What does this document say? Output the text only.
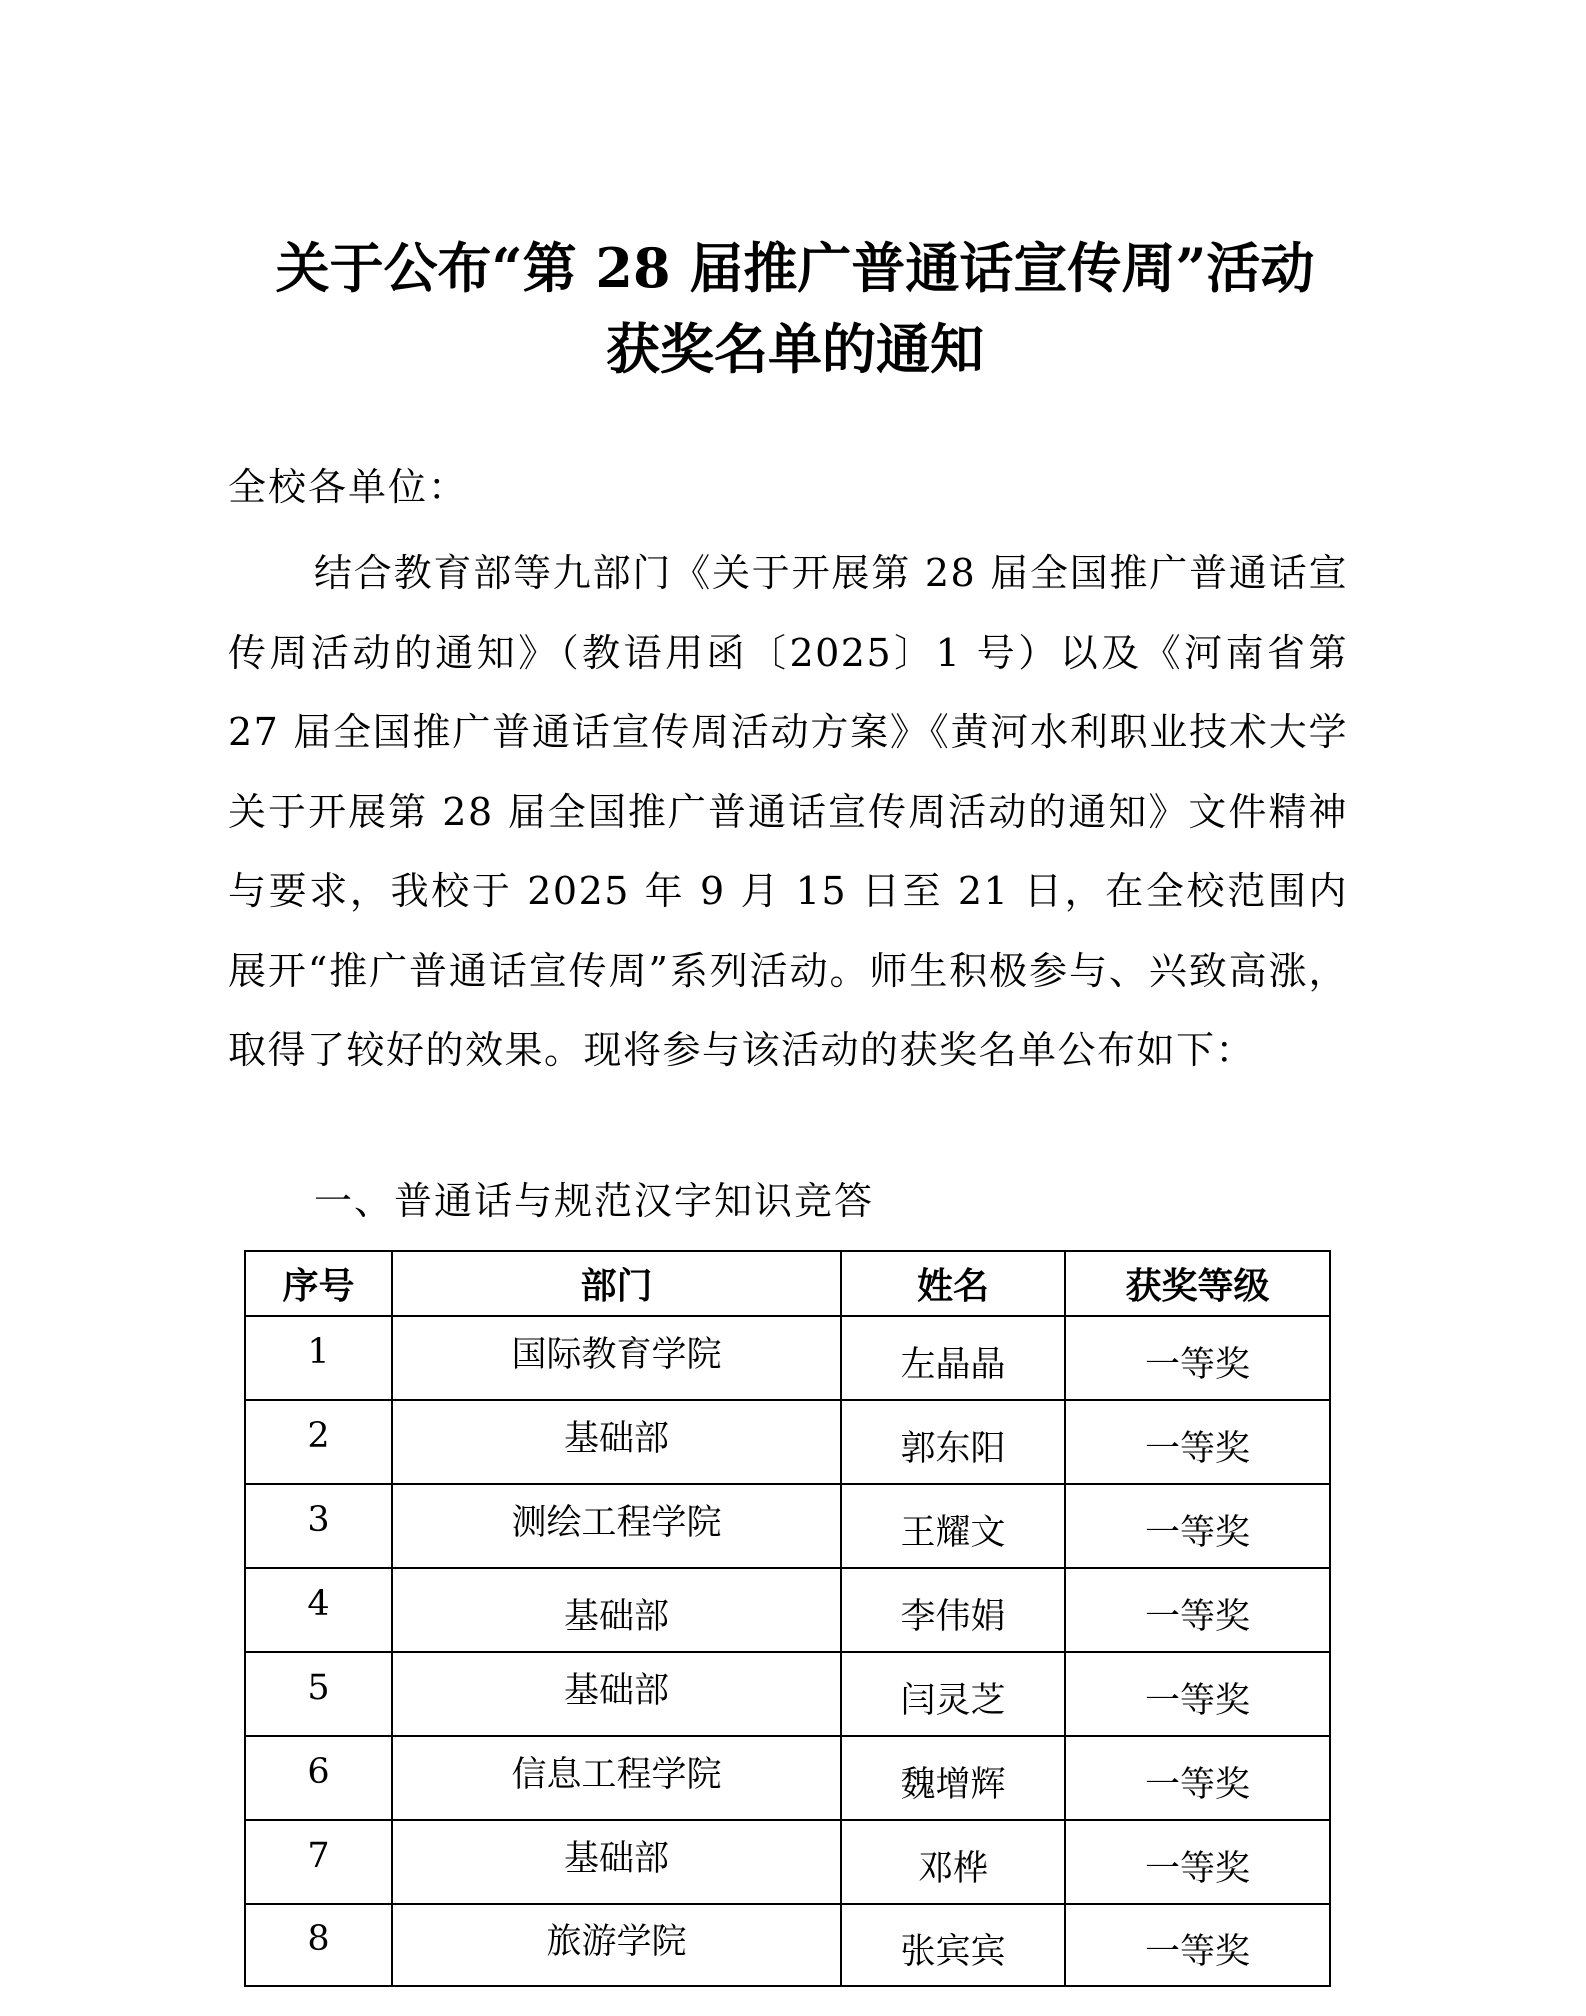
关于公布“第 28 届推广普通话宣传周”活动
获奖名单的通知

全校各单位：

结合教育部等九部门《关于开展第 28 届全国推广普通话宣传周活动的通知》（教语用函〔2025〕1 号）以及《河南省第 27 届全国推广普通话宣传周活动方案》《黄河水利职业技术大学关于开展第 28 届全国推广普通话宣传周活动的通知》文件精神与要求，我校于 2025 年 9 月 15 日至 21 日，在全校范围内展开“推广普通话宣传周”系列活动。师生积极参与、兴致高涨，取得了较好的效果。现将参与该活动的获奖名单公布如下：

一、普通话与规范汉字知识竞答

序号	部门	姓名	获奖等级
1	国际教育学院	左晶晶	一等奖
2	基础部	郭东阳	一等奖
3	测绘工程学院	王耀文	一等奖
4	基础部	李伟娟	一等奖
5	基础部	闫灵芝	一等奖
6	信息工程学院	魏增辉	一等奖
7	基础部	邓桦	一等奖
8	旅游学院	张宾宾	一等奖
